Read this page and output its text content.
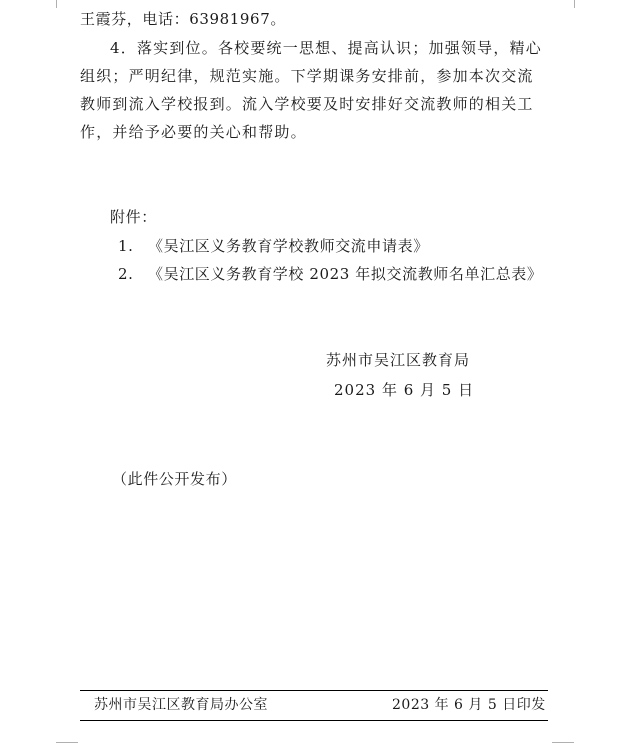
王霞芬，电话：63981967。
4．落实到位。各校要统一思想、提高认识；加强领导，精心
组织；严明纪律，规范实施。下学期课务安排前，参加本次交流
教师到流入学校报到。流入学校要及时安排好交流教师的相关工
作，并给予必要的关心和帮助。
附件：
1. 《吴江区义务教育学校教师交流申请表》
2. 《吴江区义务教育学校 2023 年拟交流教师名单汇总表》
苏州市吴江区教育局
2023 年 6 月 5 日
（此件公开发布）
苏州市吴江区教育局办公室	2023 年 6 月 5 日印发
